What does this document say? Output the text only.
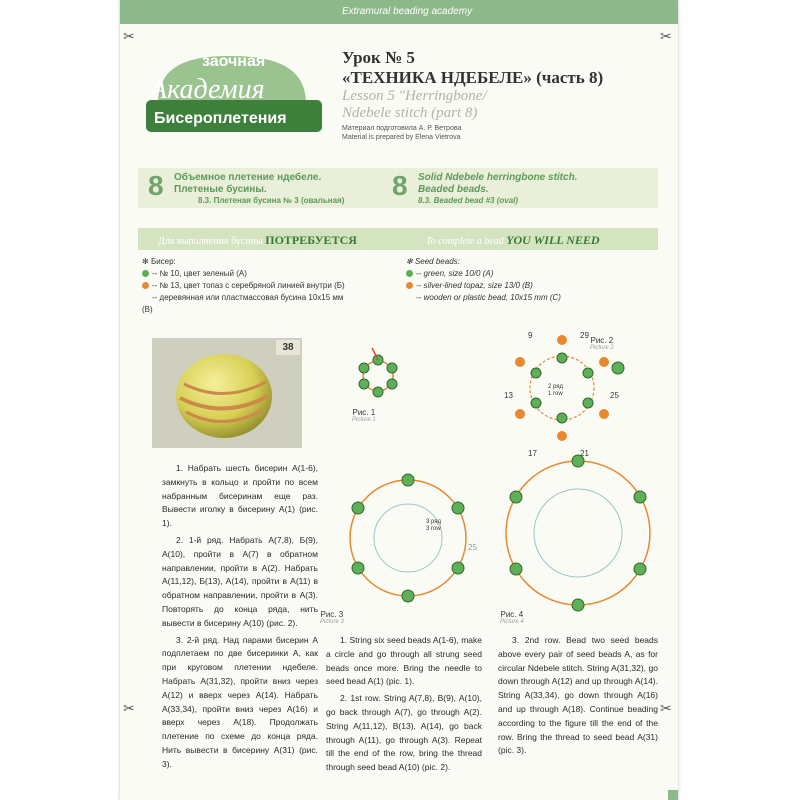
Extramural beading academy
заочная
Академия
Бисероплетения
Урок № 5
«ТЕХНИКА НДЕБЕЛЕ» (часть 8)
Lesson 5 "Herringbone/
Ndebele stitch (part 8)
Материал подготовила А. Р. Ветрова
Material is prepared by Elena Vietrova
8 Объемное плетение ндебеле.
Плетеные бусины.
8.3. Плетеная бусина № 3 (овальная) 8 Solid Ndebele herringbone stitch.
Beaded beads.
8.3. Beaded bead #3 (oval)
Для выполнения бусины ПОТРЕБУЕТСЯ	To complete a bead YOU WILL NEED
✻ Бисер:
-- № 10, цвет зеленый (А)
-- № 13, цвет топаз с серебряной линией внутри (Б)
-- деревянная или пластмассовая бусина 10х15 мм
(В)
✻ Seed beads:
-- green, size 10/0 (A)
-- silver-lined topaz, size 13/0 (B)
-- wooden or plastic bead, 10x15 mm (C)
38
9	29
13	25
17	21
25
2 ряд
1 row
3 ряд
3 row
Рис. 1
Picture 1
Рис. 2
Picture 2
Рис. 3
Picture 3
Рис. 4
Picture 4

1. Набрать шесть бисерин А(1-6), замкнуть в кольцо и пройти по всем набранным бисеринам еще раз. Вывести иголку в бисерину А(1) (рис. 1).

2. 1-й ряд. Набрать А(7,8), Б(9), А(10), пройти в А(7) в обратном направлении, пройти в А(2). Набрать А(11,12), Б(13), А(14), пройти в А(11) в обратном направлении, пройти в А(3). Повторять до конца ряда, нить вывести в бисерину А(10) (рис. 2).

3. 2-й ряд. Над парами бисерин А подплетаем по две бисеринки А, как при круговом плетении ндебеле. Набрать А(31,32), пройти вниз через А(12) и вверх через А(14). Набрать А(33,34), пройти вниз через А(16) и вверх через А(18). Продолжать плетение по схеме до конца ряда. Нить вывести в бисерину А(31) (рис. 3).

1. String six seed beads A(1-6), make a circle and go through all strung seed beads once more. Bring the needle to seed bead A(1) (pic. 1).

2. 1st row. String A(7,8), B(9), A(10), go back through A(7), go through A(2). String A(11,12), B(13), A(14), go back through A(11), go through A(3). Repeat till the end of the row, bring the thread through seed bead A(10) (pic. 2).

3. 2nd row. Bead two seed beads above every pair of seed beads A, as for circular Ndebele stitch. String A(31,32), go down through A(12) and up through A(14). String A(33,34), go down through A(16) and up through A(18). Continue beading according to the figure till the end of the row. Bring the thread to seed bead A(31) (pic. 3).

✂
✂
✂
✂
